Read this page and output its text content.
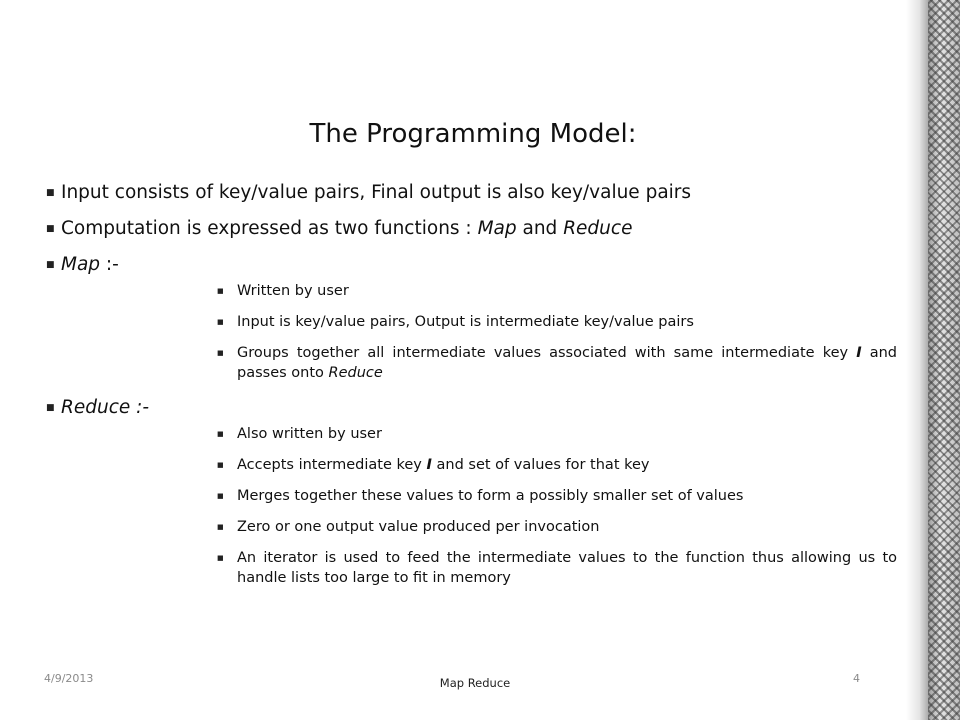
The Programming Model:
■ Input consists of key/value pairs, Final output is also key/value pairs
■ Computation is expressed as two functions : Map and Reduce
■ Map :-
■ Written by user
■ Input is key/value pairs, Output is intermediate key/value pairs
■ Groups together all intermediate values associated with same intermediate key I and passes onto Reduce
■ Reduce :-
■ Also written by user
■ Accepts intermediate key I and set of values for that key
■ Merges together these values to form a possibly smaller set of values
■ Zero or one output value produced per invocation
■ An iterator is used to feed the intermediate values to the function thus allowing us to handle lists too large to fit in memory
4/9/2013	Map Reduce	4
